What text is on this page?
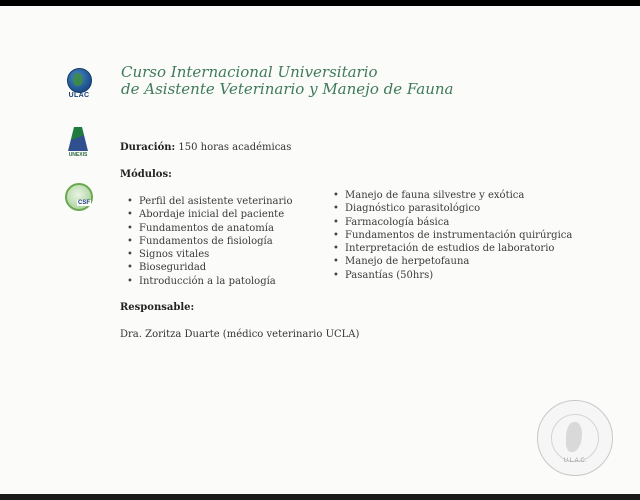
ULAC
UNEXIS
CSF
Curso Internacional Universitario
de Asistente Veterinario y Manejo de Fauna
Duración: 150 horas académicas
Módulos:
• Perfil del asistente veterinario
• Abordaje inicial del paciente
• Fundamentos de anatomía
• Fundamentos de fisiología
• Signos vitales
• Bioseguridad
• Introducción a la patología
• Manejo de fauna silvestre y exótica
• Diagnóstico parasitológico
• Farmacología básica
• Fundamentos de instrumentación quirúrgica
• Interpretación de estudios de laboratorio
• Manejo de herpetofauna
• Pasantías (50hrs)
Responsable:
Dra. Zoritza Duarte (médico veterinario UCLA)
U.L.A.C.
